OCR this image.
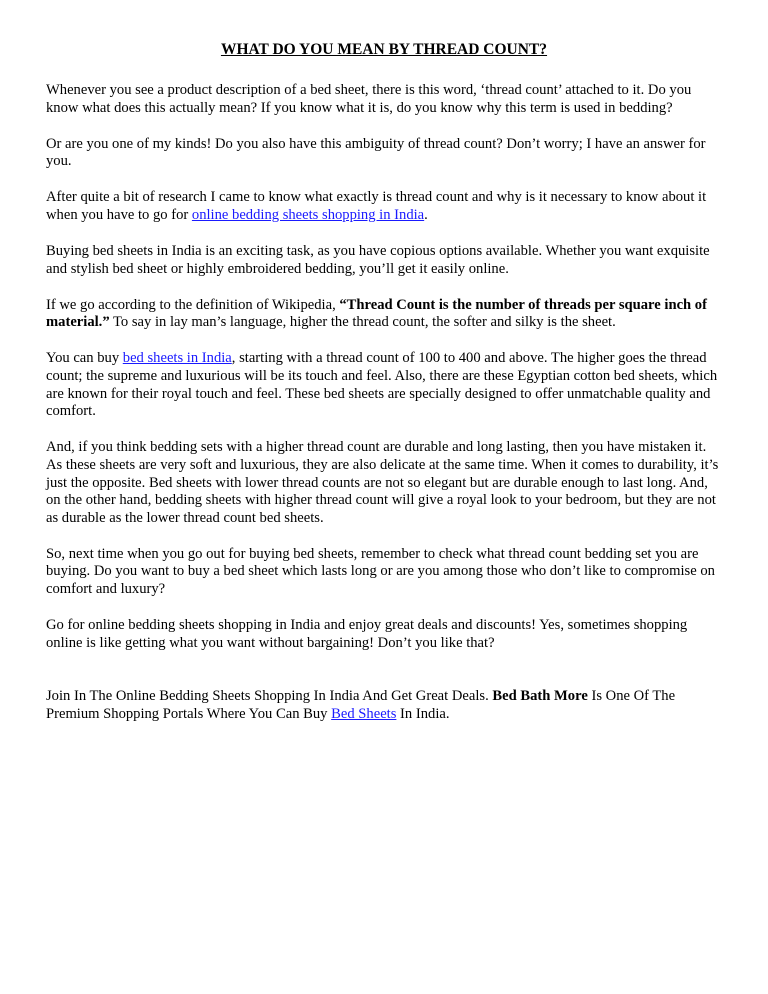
WHAT DO YOU MEAN BY THREAD COUNT?

Whenever you see a product description of a bed sheet, there is this word, ‘thread count’ attached to it. Do you know what does this actually mean? If you know what it is, do you know why this term is used in bedding?

Or are you one of my kinds! Do you also have this ambiguity of thread count? Don’t worry; I have an answer for you.

After quite a bit of research I came to know what exactly is thread count and why is it necessary to know about it when you have to go for online bedding sheets shopping in India.

Buying bed sheets in India is an exciting task, as you have copious options available. Whether you want exquisite and stylish bed sheet or highly embroidered bedding, you’ll get it easily online.

If we go according to the definition of Wikipedia, “Thread Count is the number of threads per square inch of material.” To say in lay man’s language, higher the thread count, the softer and silky is the sheet.

You can buy bed sheets in India, starting with a thread count of 100 to 400 and above. The higher goes the thread count; the supreme and luxurious will be its touch and feel. Also, there are these Egyptian cotton bed sheets, which are known for their royal touch and feel. These bed sheets are specially designed to offer unmatchable quality and comfort.

And, if you think bedding sets with a higher thread count are durable and long lasting, then you have mistaken it. As these sheets are very soft and luxurious, they are also delicate at the same time. When it comes to durability, it’s just the opposite. Bed sheets with lower thread counts are not so elegant but are durable enough to last long. And, on the other hand, bedding sheets with higher thread count will give a royal look to your bedroom, but they are not as durable as the lower thread count bed sheets.

So, next time when you go out for buying bed sheets, remember to check what thread count bedding set you are buying. Do you want to buy a bed sheet which lasts long or are you among those who don’t like to compromise on comfort and luxury?

Go for online bedding sheets shopping in India and enjoy great deals and discounts! Yes, sometimes shopping online is like getting what you want without bargaining! Don’t you like that?

Join In The Online Bedding Sheets Shopping In India And Get Great Deals. Bed Bath More Is One Of The Premium Shopping Portals Where You Can Buy Bed Sheets In India.
